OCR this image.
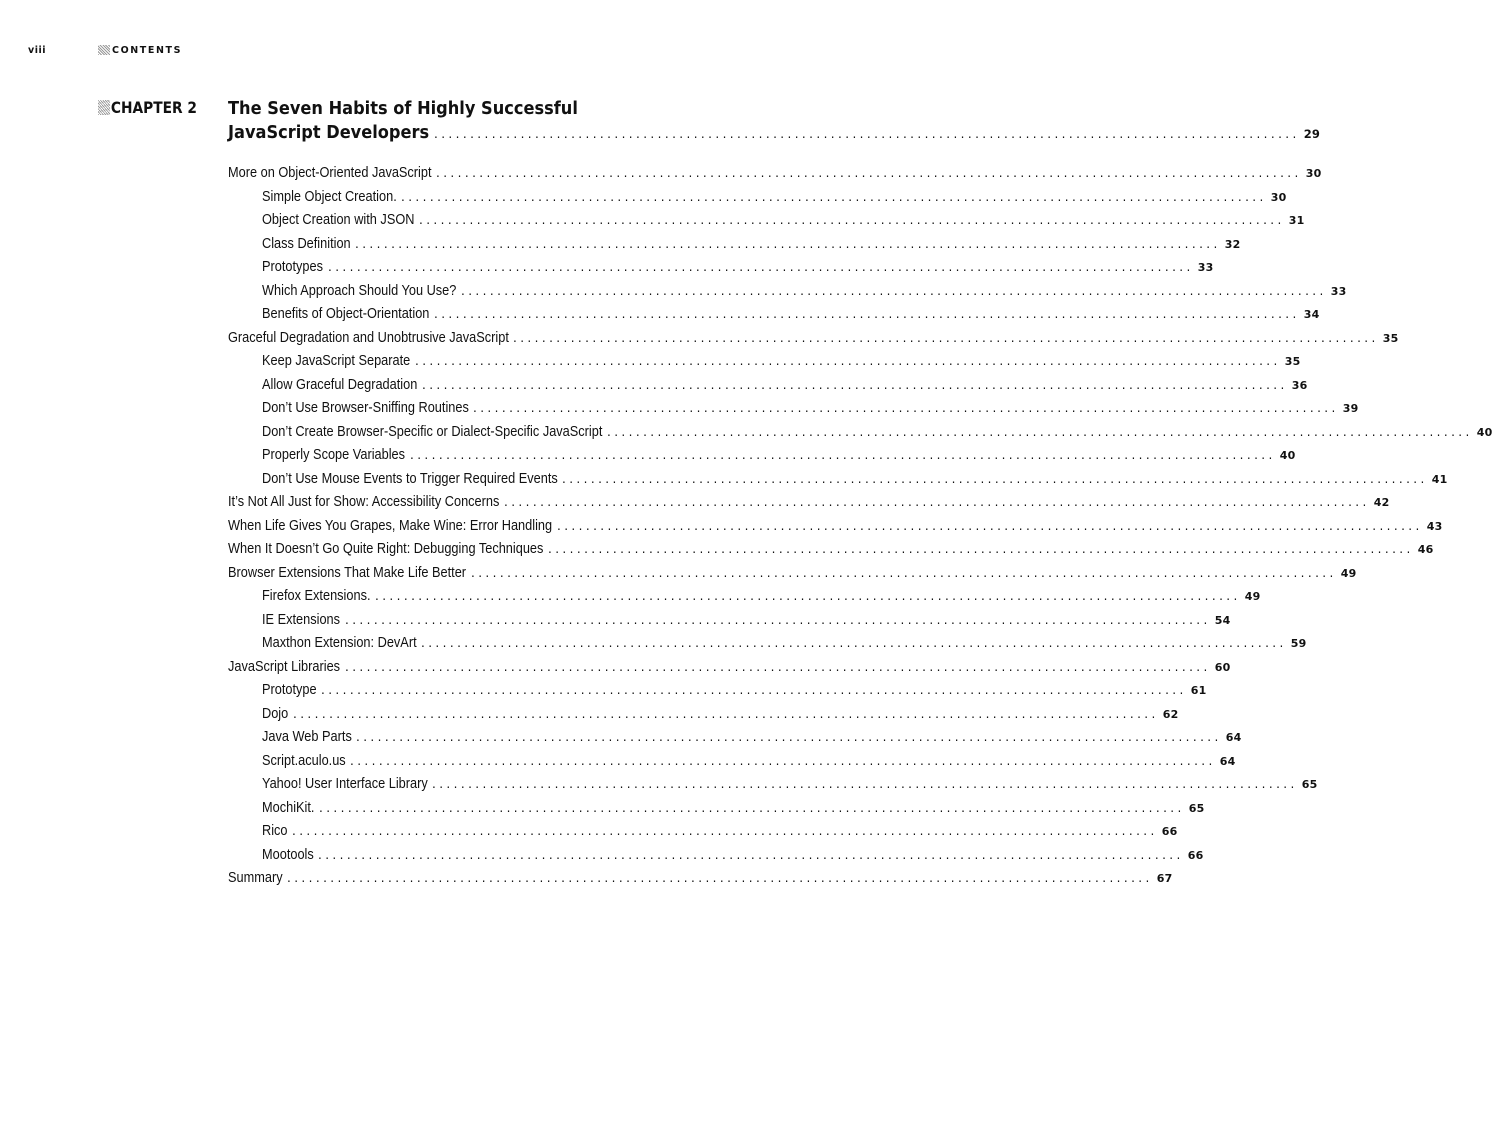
viii	CONTENTS
CHAPTER 2 The Seven Habits of Highly Successful
JavaScript Developers ........................................................................................................................ 29
More on Object-Oriented JavaScript ........................................................................................................................ 30
Simple Object Creation. ........................................................................................................................ 30
Object Creation with JSON ........................................................................................................................ 31
Class Definition ........................................................................................................................ 32
Prototypes ........................................................................................................................ 33
Which Approach Should You Use? ........................................................................................................................ 33
Benefits of Object-Orientation ........................................................................................................................ 34
Graceful Degradation and Unobtrusive JavaScript ........................................................................................................................ 35
Keep JavaScript Separate ........................................................................................................................ 35
Allow Graceful Degradation ........................................................................................................................ 36
Don’t Use Browser-Sniffing Routines ........................................................................................................................ 39
Don’t Create Browser-Specific or Dialect-Specific JavaScript ........................................................................................................................ 40
Properly Scope Variables ........................................................................................................................ 40
Don’t Use Mouse Events to Trigger Required Events ........................................................................................................................ 41
It’s Not All Just for Show: Accessibility Concerns ........................................................................................................................ 42
When Life Gives You Grapes, Make Wine: Error Handling ........................................................................................................................ 43
When It Doesn’t Go Quite Right: Debugging Techniques ........................................................................................................................ 46
Browser Extensions That Make Life Better ........................................................................................................................ 49
Firefox Extensions. ........................................................................................................................ 49
IE Extensions ........................................................................................................................ 54
Maxthon Extension: DevArt ........................................................................................................................ 59
JavaScript Libraries ........................................................................................................................ 60
Prototype ........................................................................................................................ 61
Dojo ........................................................................................................................ 62
Java Web Parts ........................................................................................................................ 64
Script.aculo.us ........................................................................................................................ 64
Yahoo! User Interface Library ........................................................................................................................ 65
MochiKit. ........................................................................................................................ 65
Rico ........................................................................................................................ 66
Mootools ........................................................................................................................ 66
Summary ........................................................................................................................ 67
